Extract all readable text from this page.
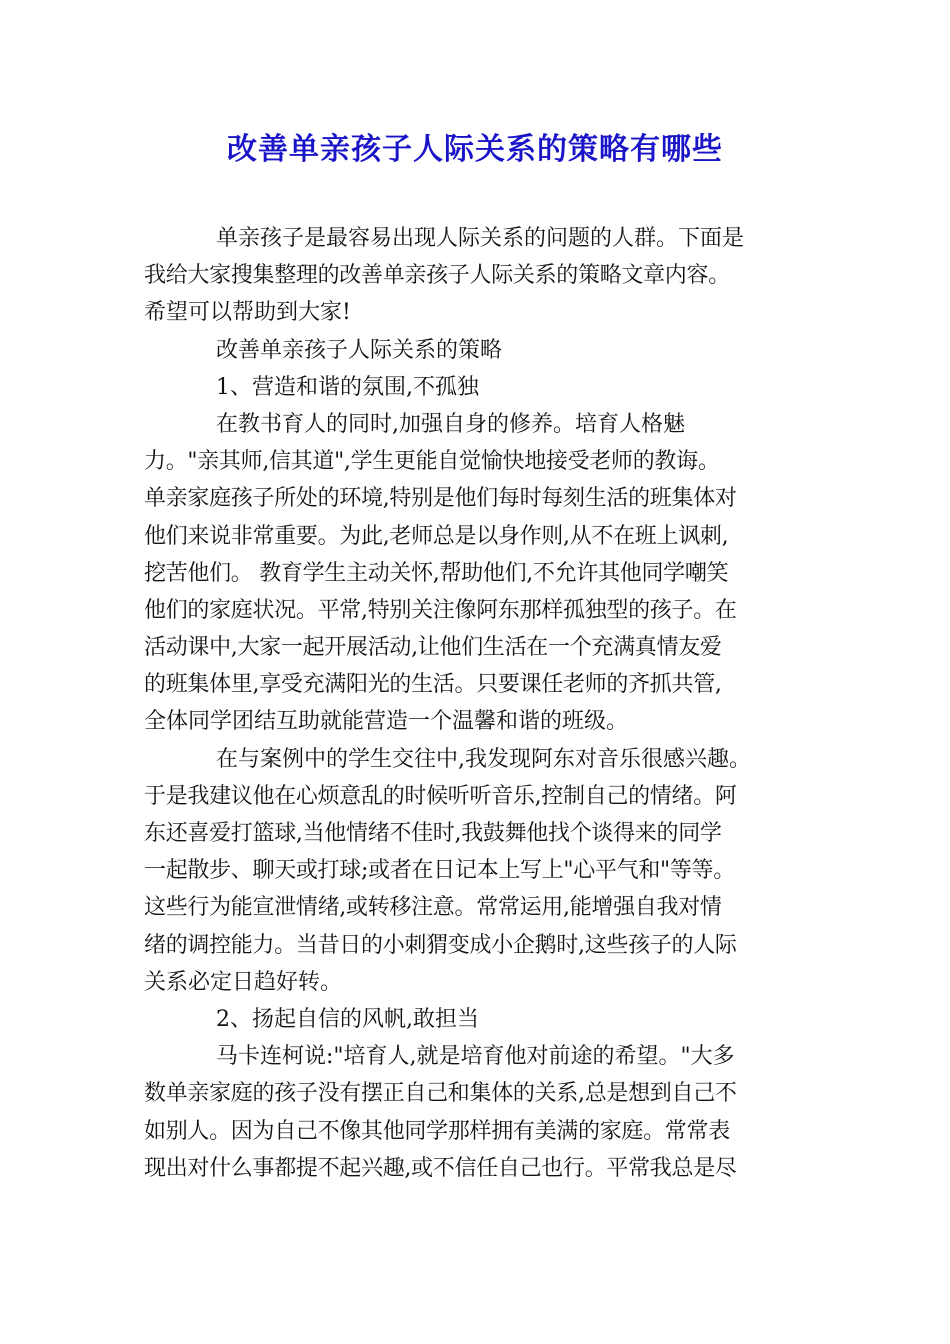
改善单亲孩子人际关系的策略有哪些
单亲孩子是最容易出现人际关系的问题的人群。下面是
我给大家搜集整理的改善单亲孩子人际关系的策略文章内容。
希望可以帮助到大家!
改善单亲孩子人际关系的策略
1、营造和谐的氛围,不孤独
在教书育人的同时,加强自身的修养。培育人格魅
力。"亲其师,信其道",学生更能自觉愉快地接受老师的教诲。
单亲家庭孩子所处的环境,特别是他们每时每刻生活的班集体对
他们来说非常重要。为此,老师总是以身作则,从不在班上讽刺,
挖苦他们。 教育学生主动关怀,帮助他们,不允许其他同学嘲笑
他们的家庭状况。平常,特别关注像阿东那样孤独型的孩子。在
活动课中,大家一起开展活动,让他们生活在一个充满真情友爱
的班集体里,享受充满阳光的生活。只要课任老师的齐抓共管,
全体同学团结互助就能营造一个温馨和谐的班级。
在与案例中的学生交往中,我发现阿东对音乐很感兴趣。
于是我建议他在心烦意乱的时候听听音乐,控制自己的情绪。阿
东还喜爱打篮球,当他情绪不佳时,我鼓舞他找个谈得来的同学
一起散步、聊天或打球;或者在日记本上写上"心平气和"等等。
这些行为能宣泄情绪,或转移注意。常常运用,能增强自我对情
绪的调控能力。当昔日的小刺猬变成小企鹅时,这些孩子的人际
关系必定日趋好转。
2、扬起自信的风帆,敢担当
马卡连柯说:"培育人,就是培育他对前途的希望。"大多
数单亲家庭的孩子没有摆正自己和集体的关系,总是想到自己不
如别人。因为自己不像其他同学那样拥有美满的家庭。常常表
现出对什么事都提不起兴趣,或不信任自己也行。平常我总是尽
